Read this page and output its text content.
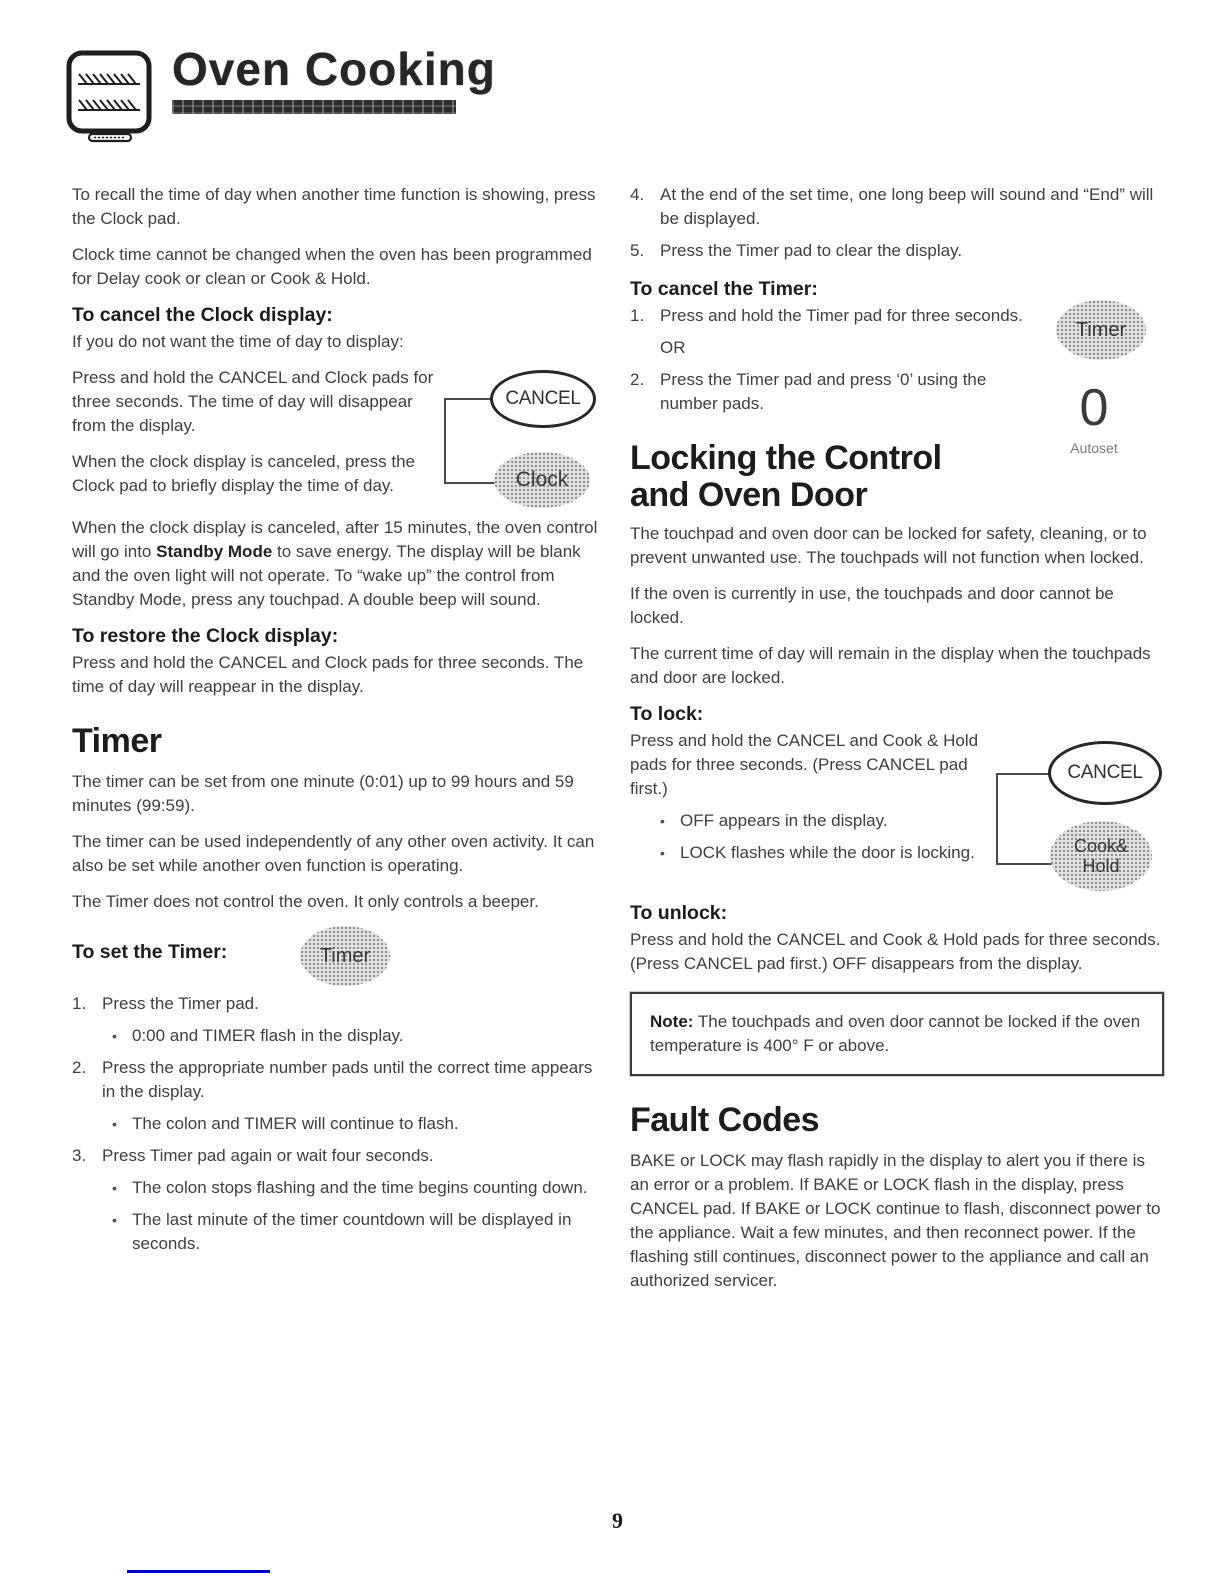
Oven Cooking

To recall the time of day when another time function is showing, press the Clock pad.

Clock time cannot be changed when the oven has been programmed for Delay cook or clean or Cook & Hold.

To cancel the Clock display:

If you do not want the time of day to display:

Press and hold the CANCEL and Clock pads for three seconds. The time of day will disappear from the display.

When the clock display is canceled, press the Clock pad to briefly display the time of day.

CANCEL
Clock

When the clock display is canceled, after 15 minutes, the oven control will go into Standby Mode to save energy. The display will be blank and the oven light will not operate. To “wake up” the control from Standby Mode, press any touchpad. A double beep will sound.

To restore the Clock display:

Press and hold the CANCEL and Clock pads for three seconds. The time of day will reappear in the display.

Timer

The timer can be set from one minute (0:01) up to 99 hours and 59 minutes (99:59).

The timer can be used independently of any other oven activity. It can also be set while another oven function is operating.

The Timer does not control the oven. It only controls a beeper.

To set the Timer:	Timer
1. Press the Timer pad.
• 0:00 and TIMER flash in the display.
2. Press the appropriate number pads until the correct time appears in the display.
• The colon and TIMER will continue to flash.
3. Press Timer pad again or wait four seconds.
• The colon stops flashing and the time begins counting down.
• The last minute of the timer countdown will be displayed in seconds.
4. At the end of the set time, one long beep will sound and “End” will be displayed.
5. Press the Timer pad to clear the display.
To cancel the Timer:
1. Press and hold the Timer pad for three seconds.
Timer

OR

2. Press the Timer pad and press ‘0’ using the number pads.	0
Autoset
Locking the Control
and Oven Door

The touchpad and oven door can be locked for safety, cleaning, or to prevent unwanted use. The touchpads will not function when locked.

If the oven is currently in use, the touchpads and door cannot be locked.

The current time of day will remain in the display when the touchpads and door are locked.

To lock:

Press and hold the CANCEL and Cook & Hold pads for three seconds. (Press CANCEL pad first.)

• OFF appears in the display.
• LOCK flashes while the door is locking.
CANCEL
Cook&
Hold
To unlock:

Press and hold the CANCEL and Cook & Hold pads for three seconds. (Press CANCEL pad first.) OFF disappears from the display.

Note: The touchpads and oven door cannot be locked if the oven temperature is 400° F or above.
Fault Codes

BAKE or LOCK may flash rapidly in the display to alert you if there is an error or a problem. If BAKE or LOCK flash in the display, press CANCEL pad. If BAKE or LOCK continue to flash, disconnect power to the appliance. Wait a few minutes, and then reconnect power. If the flashing still continues, disconnect power to the appliance and call an authorized servicer.

9
